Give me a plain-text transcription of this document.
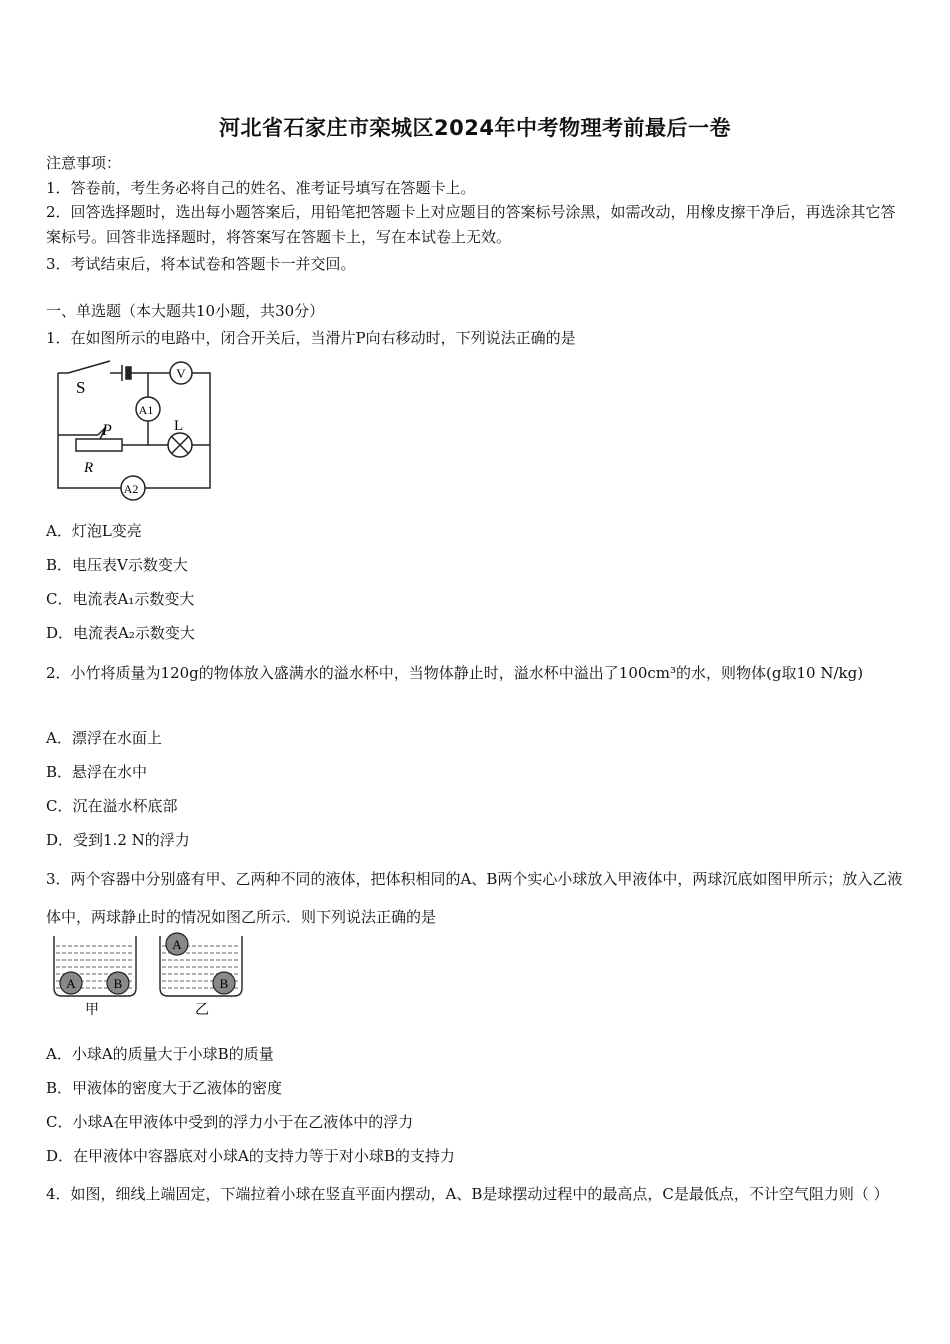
河北省石家庄市栾城区2024年中考物理考前最后一卷
注意事项：
1．答卷前，考生务必将自己的姓名、准考证号填写在答题卡上。
2．回答选择题时，选出每小题答案后，用铅笔把答题卡上对应题目的答案标号涂黑，如需改动，用橡皮擦干净后，再选涂其它答案标号。回答非选择题时，将答案写在答题卡上，写在本试卷上无效。
3．考试结束后，将本试卷和答题卡一并交回。
一、单选题（本大题共10小题，共30分）
1．在如图所示的电路中，闭合开关后，当滑片P向右移动时，下列说法正确的是
V
A1
A2
S
P	L
R
A．灯泡L变亮
B．电压表V示数变大
C．电流表A₁示数变大
D．电流表A₂示数变大
2．小竹将质量为120g的物体放入盛满水的溢水杯中，当物体静止时，溢水杯中溢出了100cm³的水，则物体(g取10 N/kg)
A．漂浮在水面上
B．悬浮在水中
C．沉在溢水杯底部
D．受到1.2 N的浮力
3．两个容器中分别盛有甲、乙两种不同的液体，把体积相同的A、B两个实心小球放入甲液体中，两球沉底如图甲所示；放入乙液体中，两球静止时的情况如图乙所示．则下列说法正确的是
A	B
A
B
甲	乙
A．小球A的质量大于小球B的质量
B．甲液体的密度大于乙液体的密度
C．小球A在甲液体中受到的浮力小于在乙液体中的浮力
D．在甲液体中容器底对小球A的支持力等于对小球B的支持力
4．如图，细线上端固定，下端拉着小球在竖直平面内摆动，A、B是球摆动过程中的最高点，C是最低点，不计空气阻力则（ ）
